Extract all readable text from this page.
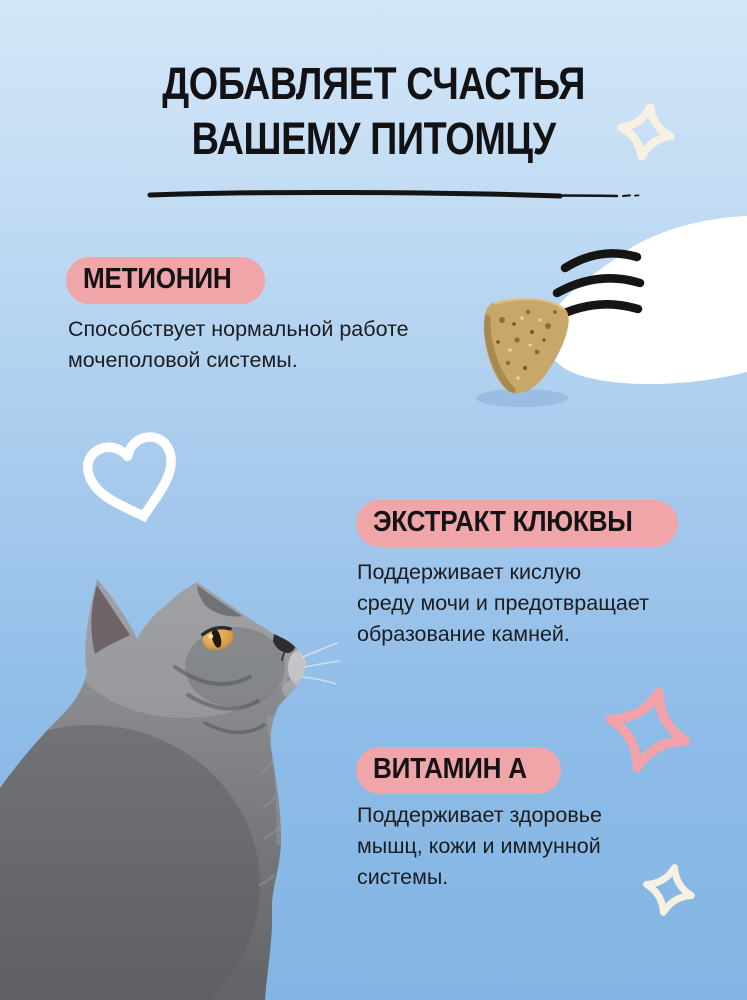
ДОБАВЛЯЕТ СЧАСТЬЯ
ВАШЕМУ ПИТОМЦУ
МЕТИОНИН
Способствует нормальной работе
мочеполовой системы.
ЭКСТРАКТ КЛЮКВЫ
Поддерживает кислую
среду мочи и предотвращает
образование камней.
ВИТАМИН А
Поддерживает здоровье
мышц, кожи и иммунной
системы.
